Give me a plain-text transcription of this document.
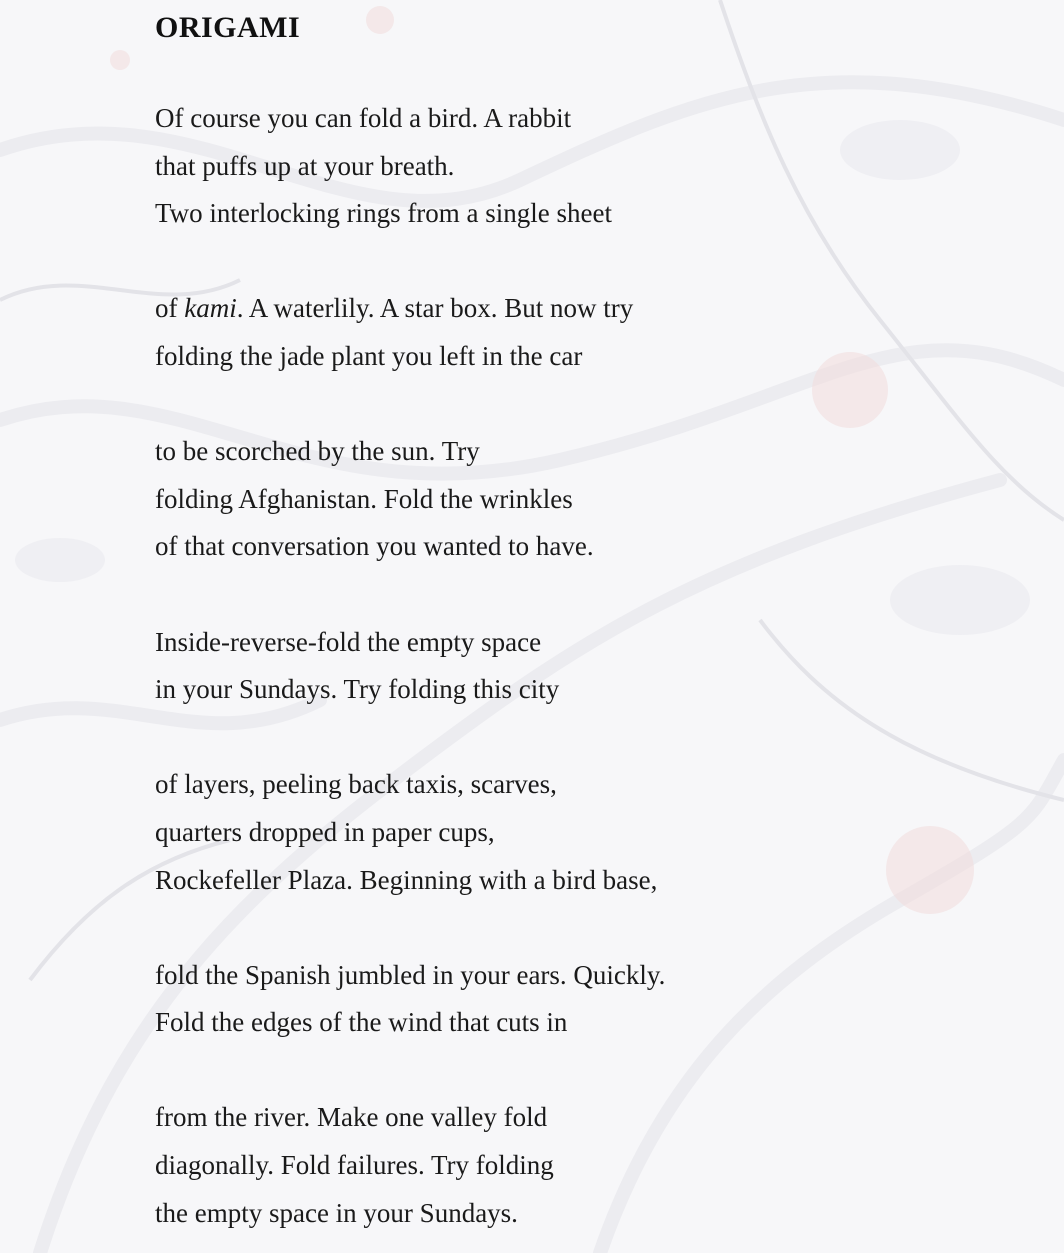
ORIGAMI
Of course you can fold a bird. A rabbit
that puffs up at your breath.
Two interlocking rings from a single sheet
of kami. A waterlily. A star box. But now try
folding the jade plant you left in the car
to be scorched by the sun. Try
folding Afghanistan. Fold the wrinkles
of that conversation you wanted to have.
Inside-reverse-fold the empty space
in your Sundays. Try folding this city
of layers, peeling back taxis, scarves,
quarters dropped in paper cups,
Rockefeller Plaza. Beginning with a bird base,
fold the Spanish jumbled in your ears. Quickly.
Fold the edges of the wind that cuts in
from the river. Make one valley fold
diagonally. Fold failures. Try folding
the empty space in your Sundays.
